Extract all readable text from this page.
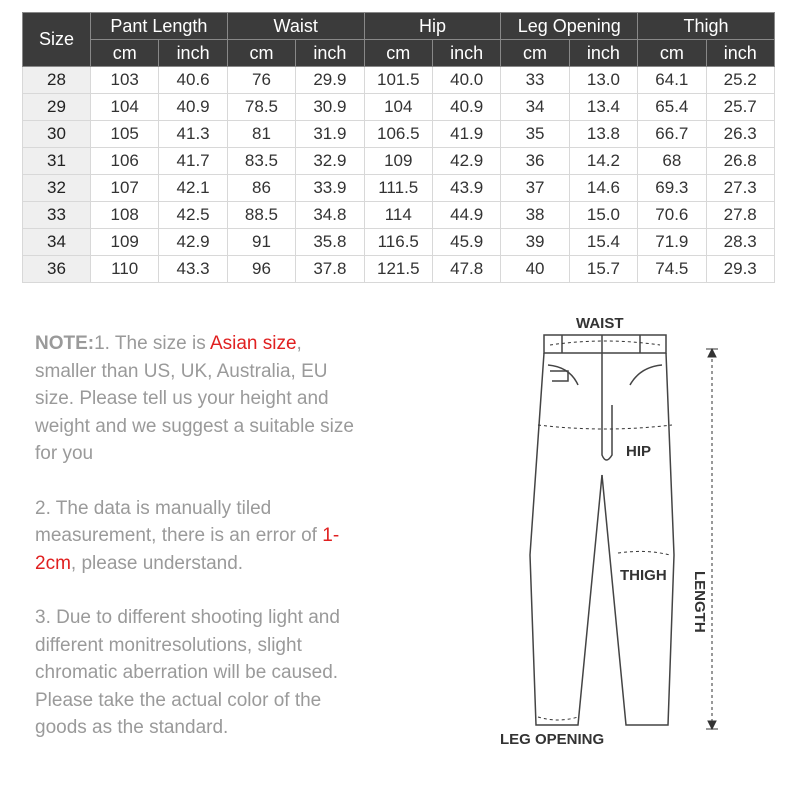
Size	Pant Length		Waist		Hip		Leg Opening		Thigh	
	cm	inch	cm	inch	cm	inch	cm	inch	cm	inch
28	103	40.6	76	29.9	101.5	40.0	33	13.0	64.1	25.2
29	104	40.9	78.5	30.9	104	40.9	34	13.4	65.4	25.7
30	105	41.3	81	31.9	106.5	41.9	35	13.8	66.7	26.3
31	106	41.7	83.5	32.9	109	42.9	36	14.2	68	26.8
32	107	42.1	86	33.9	111.5	43.9	37	14.6	69.3	27.3
33	108	42.5	88.5	34.8	114	44.9	38	15.0	70.6	27.8
34	109	42.9	91	35.8	116.5	45.9	39	15.4	71.9	28.3
36	110	43.3	96	37.8	121.5	47.8	40	15.7	74.5	29.3

NOTE:1. The size is Asian size, smaller than US, UK, Australia, EU size. Please tell us your height and weight and we suggest a suitable size for you

2. The data is manually tiled measurement, there is an error of 1-2cm, please understand.

3. Due to different shooting light and different monitresolutions, slight chromatic aberration will be caused. Please take the actual color of the goods as the standard.

WAIST
HIP
THIGH
LEG OPENING
LENGTH
